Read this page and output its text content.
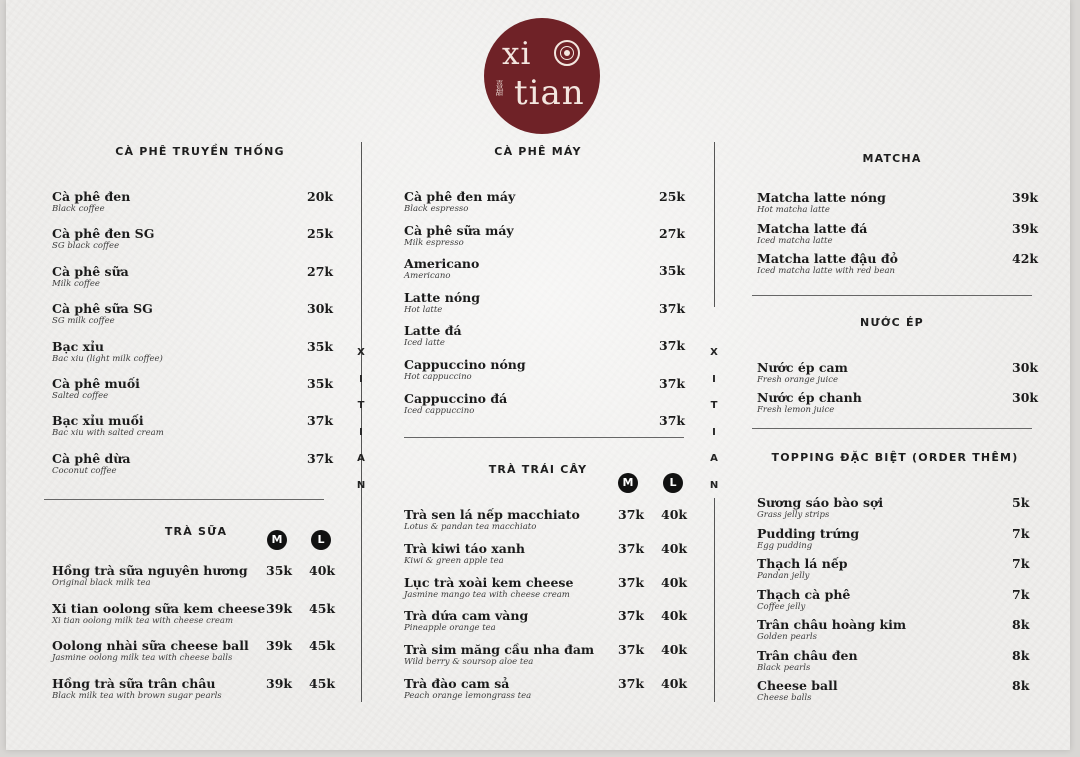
xi
喜甜 tian
X
I
T
I
A
N
X
I
T
I
A
N
CÀ PHÊ TRUYỀN THỐNG
TRÀ SỮA
CÀ PHÊ MÁY
TRÀ TRÁI CÂY
MATCHA
NƯỚC ÉP
TOPPING ĐẶC BIỆT (ORDER THÊM)
M	L
M	L
Cà phê đen
Black coffee
20k
Cà phê đen SG
SG black coffee
25k
Cà phê sữa
Milk coffee
27k
Cà phê sữa SG
SG milk coffee
30k
Bạc xỉu
Bac xiu (light milk coffee)
35k
Cà phê muối
Salted coffee
35k
Bạc xỉu muối
Bac xiu with salted cream
37k
Cà phê dừa
Coconut coffee
37k
Hồng trà sữa nguyên hương
Original black milk tea
35k 40k
Xi tian oolong sữa kem cheese
Xi tian oolong milk tea with cheese cream
39k 45k
Oolong nhài sữa cheese ball
Jasmine oolong milk tea with cheese balls
39k 45k
Hồng trà sữa trân châu
Black milk tea with brown sugar pearls
39k 45k
Cà phê đen máy
Black espresso
25k
Cà phê sữa máy
Milk espresso
27k
Americano
Americano	35k
Latte nóng
Hot latte	37k
Latte đá
Iced latte	37k
Cappuccino nóng
Hot cappuccino	37k
Cappuccino đá
Iced cappuccino
37k
Trà sen lá nếp macchiato
Lotus & pandan tea macchiato
37k 40k
Trà kiwi táo xanh
Kiwi & green apple tea
37k 40k
Lục trà xoài kem cheese
Jasmine mango tea with cheese cream
37k 40k
Trà dứa cam vàng
Pineapple orange tea
37k 40k
Trà sim măng cầu nha đam
Wild berry & soursop aloe tea
37k 40k
Trà đào cam sả
Peach orange lemongrass tea
37k 40k
Matcha latte nóng
Hot matcha latte
39k
Matcha latte đá
Iced matcha latte
39k
Matcha latte đậu đỏ
Iced matcha latte with red bean
42k
Nước ép cam
Fresh orange juice
30k
Nước ép chanh
Fresh lemon juice
30k
Sương sáo bào sợi
Grass jelly strips
5k
Pudding trứng
Egg pudding
7k
Thạch lá nếp
Pandan jelly
7k
Thạch cà phê
Coffee jelly
7k
Trân châu hoàng kim
Golden pearls
8k
Trân châu đen
Black pearls
8k
Cheese ball
Cheese balls
8k
